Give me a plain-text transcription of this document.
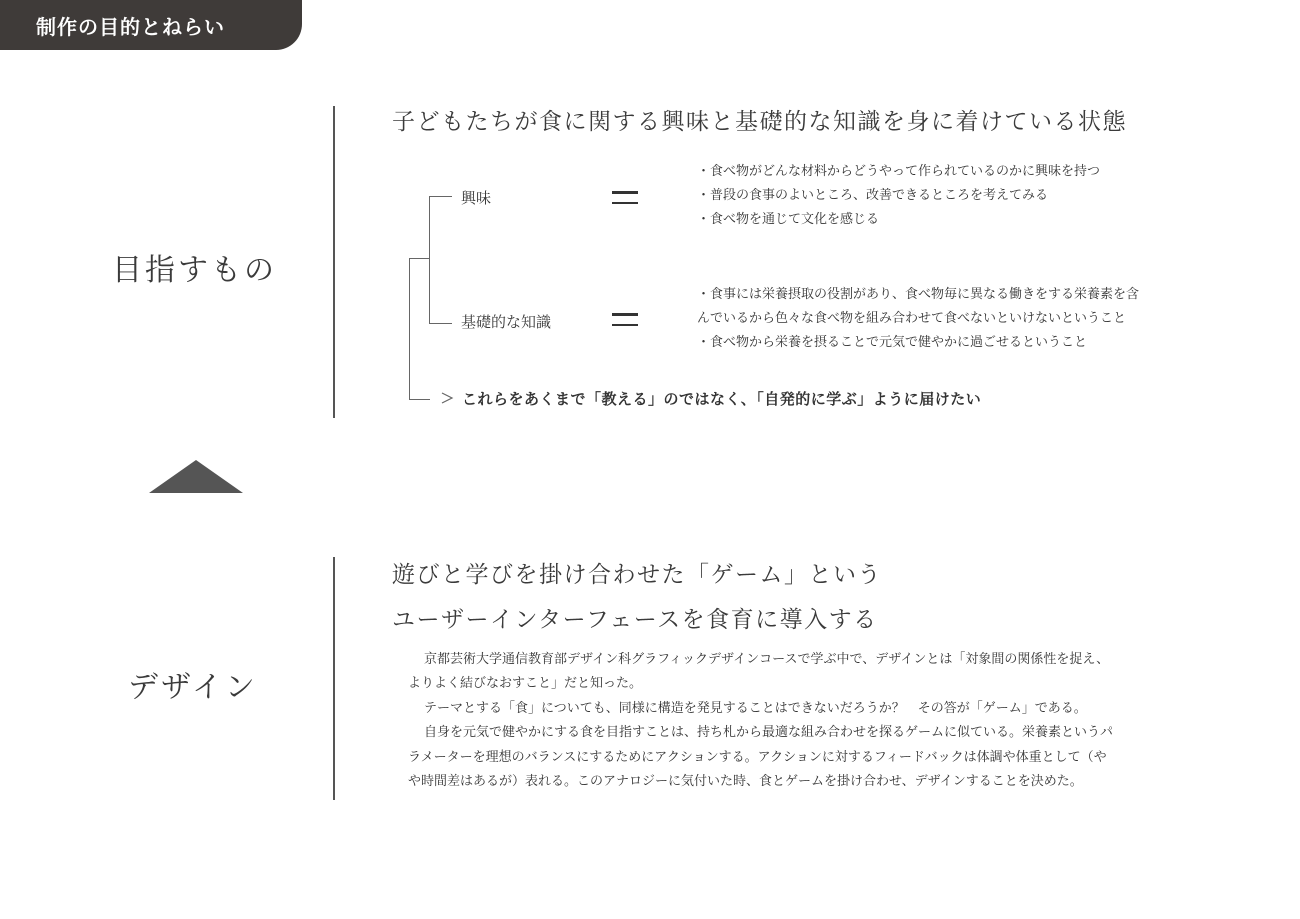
制作の目的とねらい
目指すもの
子どもたちが食に関する興味と基礎的な知識を身に着けている状態
興味
・食べ物がどんな材料からどうやって作られているのかに興味を持つ
・普段の食事のよいところ、改善できるところを考えてみる
・食べ物を通じて文化を感じる
基礎的な知識
・食事には栄養摂取の役割があり、食べ物毎に異なる働きをする栄養素を含
んでいるから色々な食べ物を組み合わせて食べないといけないということ
・食べ物から栄養を摂ることで元気で健やかに過ごせるということ
これらをあくまで「教える」のではなく、「自発的に学ぶ」ように届けたい
デザイン
遊びと学びを掛け合わせた「ゲーム」という
ユーザーインターフェースを食育に導入する

京都芸術大学通信教育部デザイン科グラフィックデザインコースで学ぶ中で、デザインとは「対象間の関係性を捉え、

よりよく結びなおすこと」だと知った。

テーマとする「食」についても、同様に構造を発見することはできないだろうか？　その答が「ゲーム」である。

自身を元気で健やかにする食を目指すことは、持ち札から最適な組み合わせを探るゲームに似ている。栄養素というパ

ラメーターを理想のバランスにするためにアクションする。アクションに対するフィードバックは体調や体重として（や

や時間差はあるが）表れる。このアナロジーに気付いた時、食とゲームを掛け合わせ、デザインすることを決めた。
